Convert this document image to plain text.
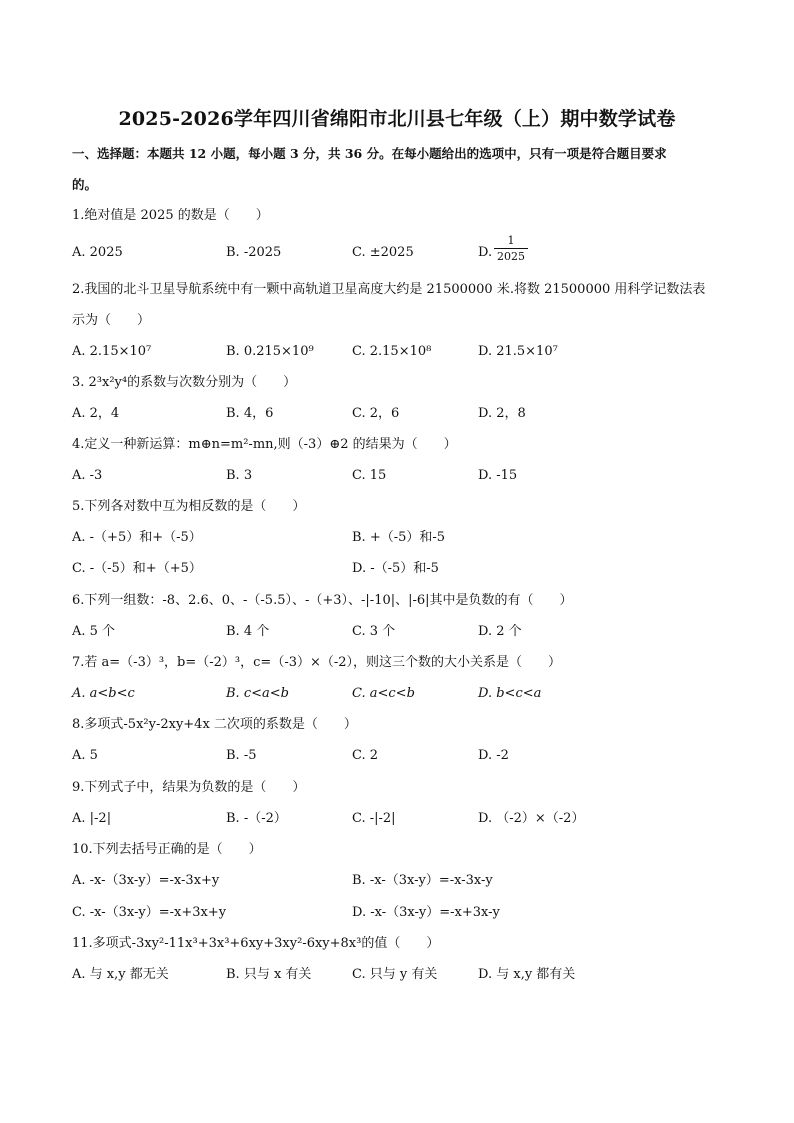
2025-2026学年四川省绵阳市北川县七年级（上）期中数学试卷
一、选择题：本题共 12 小题，每小题 3 分，共 36 分。在每小题给出的选项中，只有一项是符合题目要求
的。
1.绝对值是 2025 的数是（　　）
A. 2025	B. -2025	C. ±2025	D.
1
2025
2.我国的北斗卫星导航系统中有一颗中高轨道卫星高度大约是 21500000 米.将数 21500000 用科学记数法表
示为（　　）
A. 2.15×10⁷	B. 0.215×10⁹	C. 2.15×10⁸	D. 21.5×10⁷
3. 2³x²y⁴的系数与次数分别为（　　）
A. 2，4	B. 4，6	C. 2，6	D. 2，8
4.定义一种新运算：m⊕n=m²-mn,则（-3）⊕2 的结果为（　　）
A. -3	B. 3	C. 15	D. -15
5.下列各对数中互为相反数的是（　　）
A. -（+5）和+（-5）	B. +（-5）和-5
C. -（-5）和+（+5）	D. -（-5）和-5
6.下列一组数：-8、2.6、0、-（-5.5）、-（+3）、-|-10|、|-6|其中是负数的有（　　）
A. 5 个	B. 4 个	C. 3 个	D. 2 个
7.若 a=（-3）³，b=（-2）³，c=（-3）×（-2），则这三个数的大小关系是（　　）
A. a<b<c	B. c<a<b	C. a<c<b	D. b<c<a
8.多项式-5x²y-2xy+4x 二次项的系数是（　　）
A. 5	B. -5	C. 2	D. -2
9.下列式子中，结果为负数的是（　　）
A. |-2|	B. -（-2）	C. -|-2|	D. （-2）×（-2）
10.下列去括号正确的是（　　）
A. -x-（3x-y）=-x-3x+y	B. -x-（3x-y）=-x-3x-y
C. -x-（3x-y）=-x+3x+y	D. -x-（3x-y）=-x+3x-y
11.多项式-3xy²-11x³+3x³+6xy+3xy²-6xy+8x³的值（　　）
A. 与 x,y 都无关	B. 只与 x 有关	C. 只与 y 有关	D. 与 x,y 都有关
